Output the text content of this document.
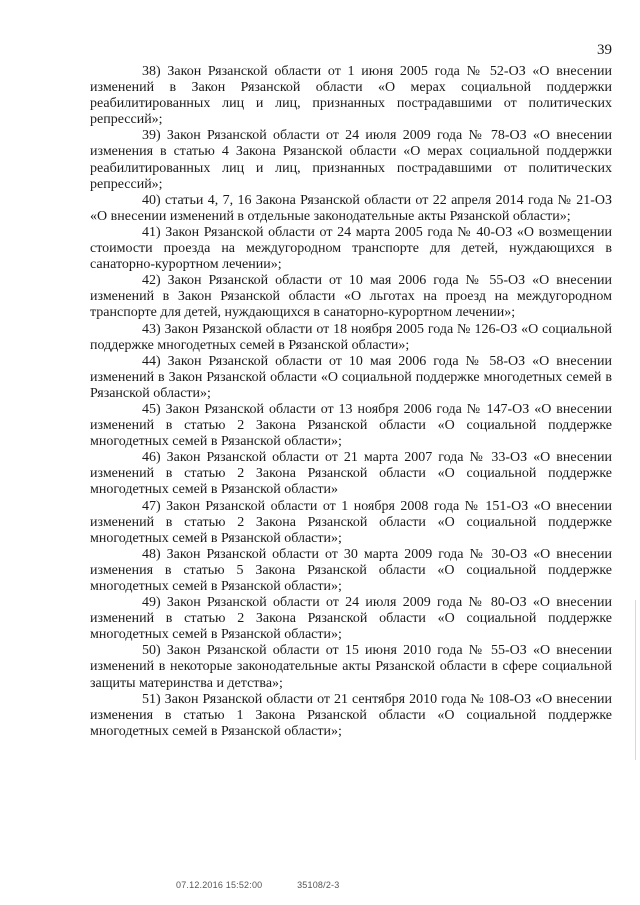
39

38) Закон Рязанской области от 1 июня 2005 года № 52-ОЗ «О внесении изменений в Закон Рязанской области «О мерах социальной поддержки реабилитированных лиц и лиц, признанных пострадавшими от политических репрессий»;

39) Закон Рязанской области от 24 июля 2009 года № 78-ОЗ «О внесении изменения в статью 4 Закона Рязанской области «О мерах социальной поддержки реабилитированных лиц и лиц, признанных пострадавшими от политических репрессий»;

40) статьи 4, 7, 16 Закона Рязанской области от 22 апреля 2014 года № 21-ОЗ «О внесении изменений в отдельные законодательные акты Рязанской области»;

41) Закон Рязанской области от 24 марта 2005 года № 40-ОЗ «О возмещении стоимости проезда на междугородном транспорте для детей, нуждающихся в санаторно-курортном лечении»;

42) Закон Рязанской области от 10 мая 2006 года № 55-ОЗ «О внесении изменений в Закон Рязанской области «О льготах на проезд на междугородном транспорте для детей, нуждающихся в санаторно-курортном лечении»;

43) Закон Рязанской области от 18 ноября 2005 года № 126-ОЗ «О социальной поддержке многодетных семей в Рязанской области»;

44) Закон Рязанской области от 10 мая 2006 года № 58-ОЗ «О внесении изменений в Закон Рязанской области «О социальной поддержке многодетных семей в Рязанской области»;

45) Закон Рязанской области от 13 ноября 2006 года № 147-ОЗ «О внесении изменений в статью 2 Закона Рязанской области «О социальной поддержке многодетных семей в Рязанской области»;

46) Закон Рязанской области от 21 марта 2007 года № 33-ОЗ «О внесении изменений в статью 2 Закона Рязанской области «О социальной поддержке многодетных семей в Рязанской области»

47) Закон Рязанской области от 1 ноября 2008 года № 151-ОЗ «О внесении изменений в статью 2 Закона Рязанской области «О социальной поддержке многодетных семей в Рязанской области»;

48) Закон Рязанской области от 30 марта 2009 года № 30-ОЗ «О внесении изменения в статью 5 Закона Рязанской области «О социальной поддержке многодетных семей в Рязанской области»;

49) Закон Рязанской области от 24 июля 2009 года № 80-ОЗ «О внесении изменений в статью 2 Закона Рязанской области «О социальной поддержке многодетных семей в Рязанской области»;

50) Закон Рязанской области от 15 июня 2010 года № 55-ОЗ «О внесении изменений в некоторые законодательные акты Рязанской области в сфере социальной защиты материнства и детства»;

51) Закон Рязанской области от 21 сентября 2010 года № 108-ОЗ «О внесении изменения в статью 1 Закона Рязанской области «О социальной поддержке многодетных семей в Рязанской области»;

07.12.2016 15:52:00	35108/2-3
